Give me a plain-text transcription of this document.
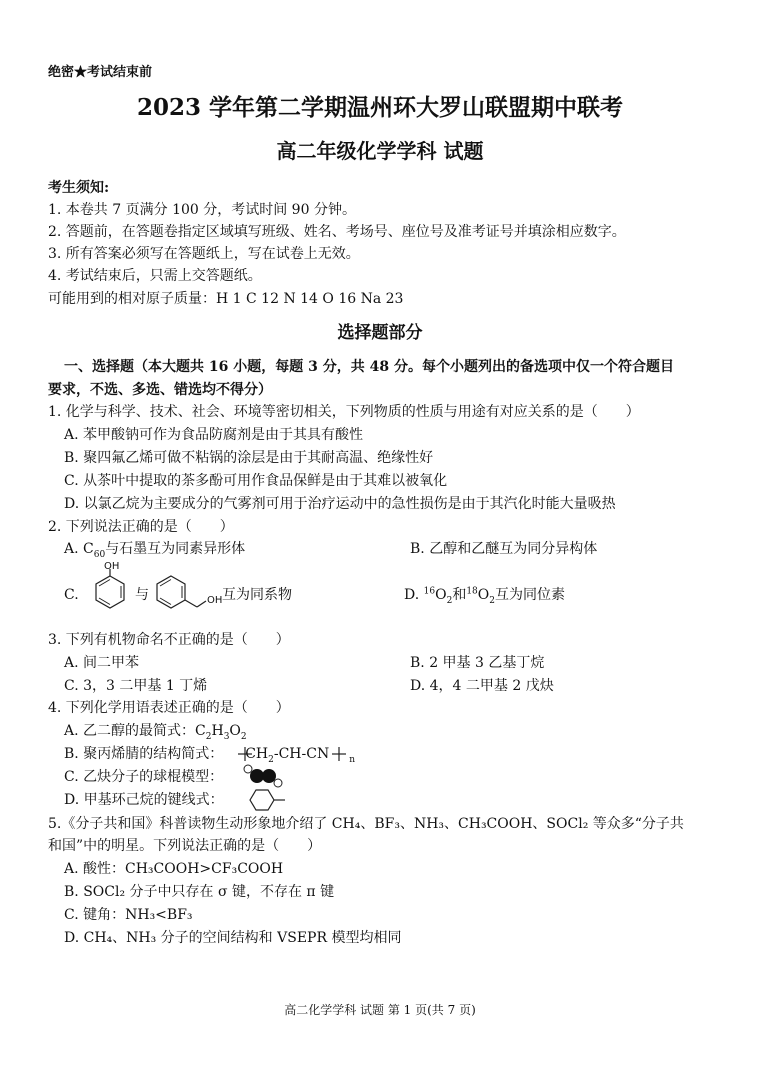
绝密★考试结束前
2023 学年第二学期温州环大罗山联盟期中联考
高二年级化学学科 试题
考生须知:
1. 本卷共 7 页满分 100 分，考试时间 90 分钟。
2. 答题前，在答题卷指定区域填写班级、姓名、考场号、座位号及准考证号并填涂相应数字。
3. 所有答案必须写在答题纸上，写在试卷上无效。
4. 考试结束后，只需上交答题纸。
可能用到的相对原子质量：H 1 C 12 N 14 O 16 Na 23
选择题部分
一、选择题（本大题共 16 小题，每题 3 分，共 48 分。每个小题列出的备选项中仅一个符合题目
要求，不选、多选、错选均不得分）
1. 化学与科学、技术、社会、环境等密切相关，下列物质的性质与用途有对应关系的是（　　）
A. 苯甲酸钠可作为食品防腐剂是由于其具有酸性
B. 聚四氟乙烯可做不粘锅的涂层是由于其耐高温、绝缘性好
C. 从茶叶中提取的茶多酚可用作食品保鲜是由于其难以被氧化
D. 以氯乙烷为主要成分的气雾剂可用于治疗运动中的急性损伤是由于其汽化时能大量吸热
2. 下列说法正确的是（　　）
A. $C_{60}$与石墨互为同素异形体	B. 乙醇和乙醚互为同分异构体
C.
OH
与	OH 互为同系物	D. $^{16}O_2$和$^{18}O_2$互为同位素
3. 下列有机物命名不正确的是（　　）
A. 间二甲苯	B. 2 甲基 3 乙基丁烷
C. 3，3 二甲基 1 丁烯	D. 4，4 二甲基 2 戊炔
4. 下列化学用语表述正确的是（　　）
A. 乙二醇的最简式：$C_2H_3O_2$
B. 聚丙烯腈的结构简式： $CH_2-CH-CN$ $_n$
C. 乙炔分子的球棍模型：
D. 甲基环己烷的键线式：
5.《分子共和国》科普读物生动形象地介绍了 CH₄、BF₃、NH₃、CH₃COOH、SOCl₂ 等众多“分子共
和国”中的明星。下列说法正确的是（　　）
A. 酸性：CH₃COOH>CF₃COOH
B. SOCl₂ 分子中只存在 σ 键，不存在 π 键
C. 键角：NH₃<BF₃
D. CH₄、NH₃ 分子的空间结构和 VSEPR 模型均相同
高二化学学科 试题 第 1 页(共 7 页)
